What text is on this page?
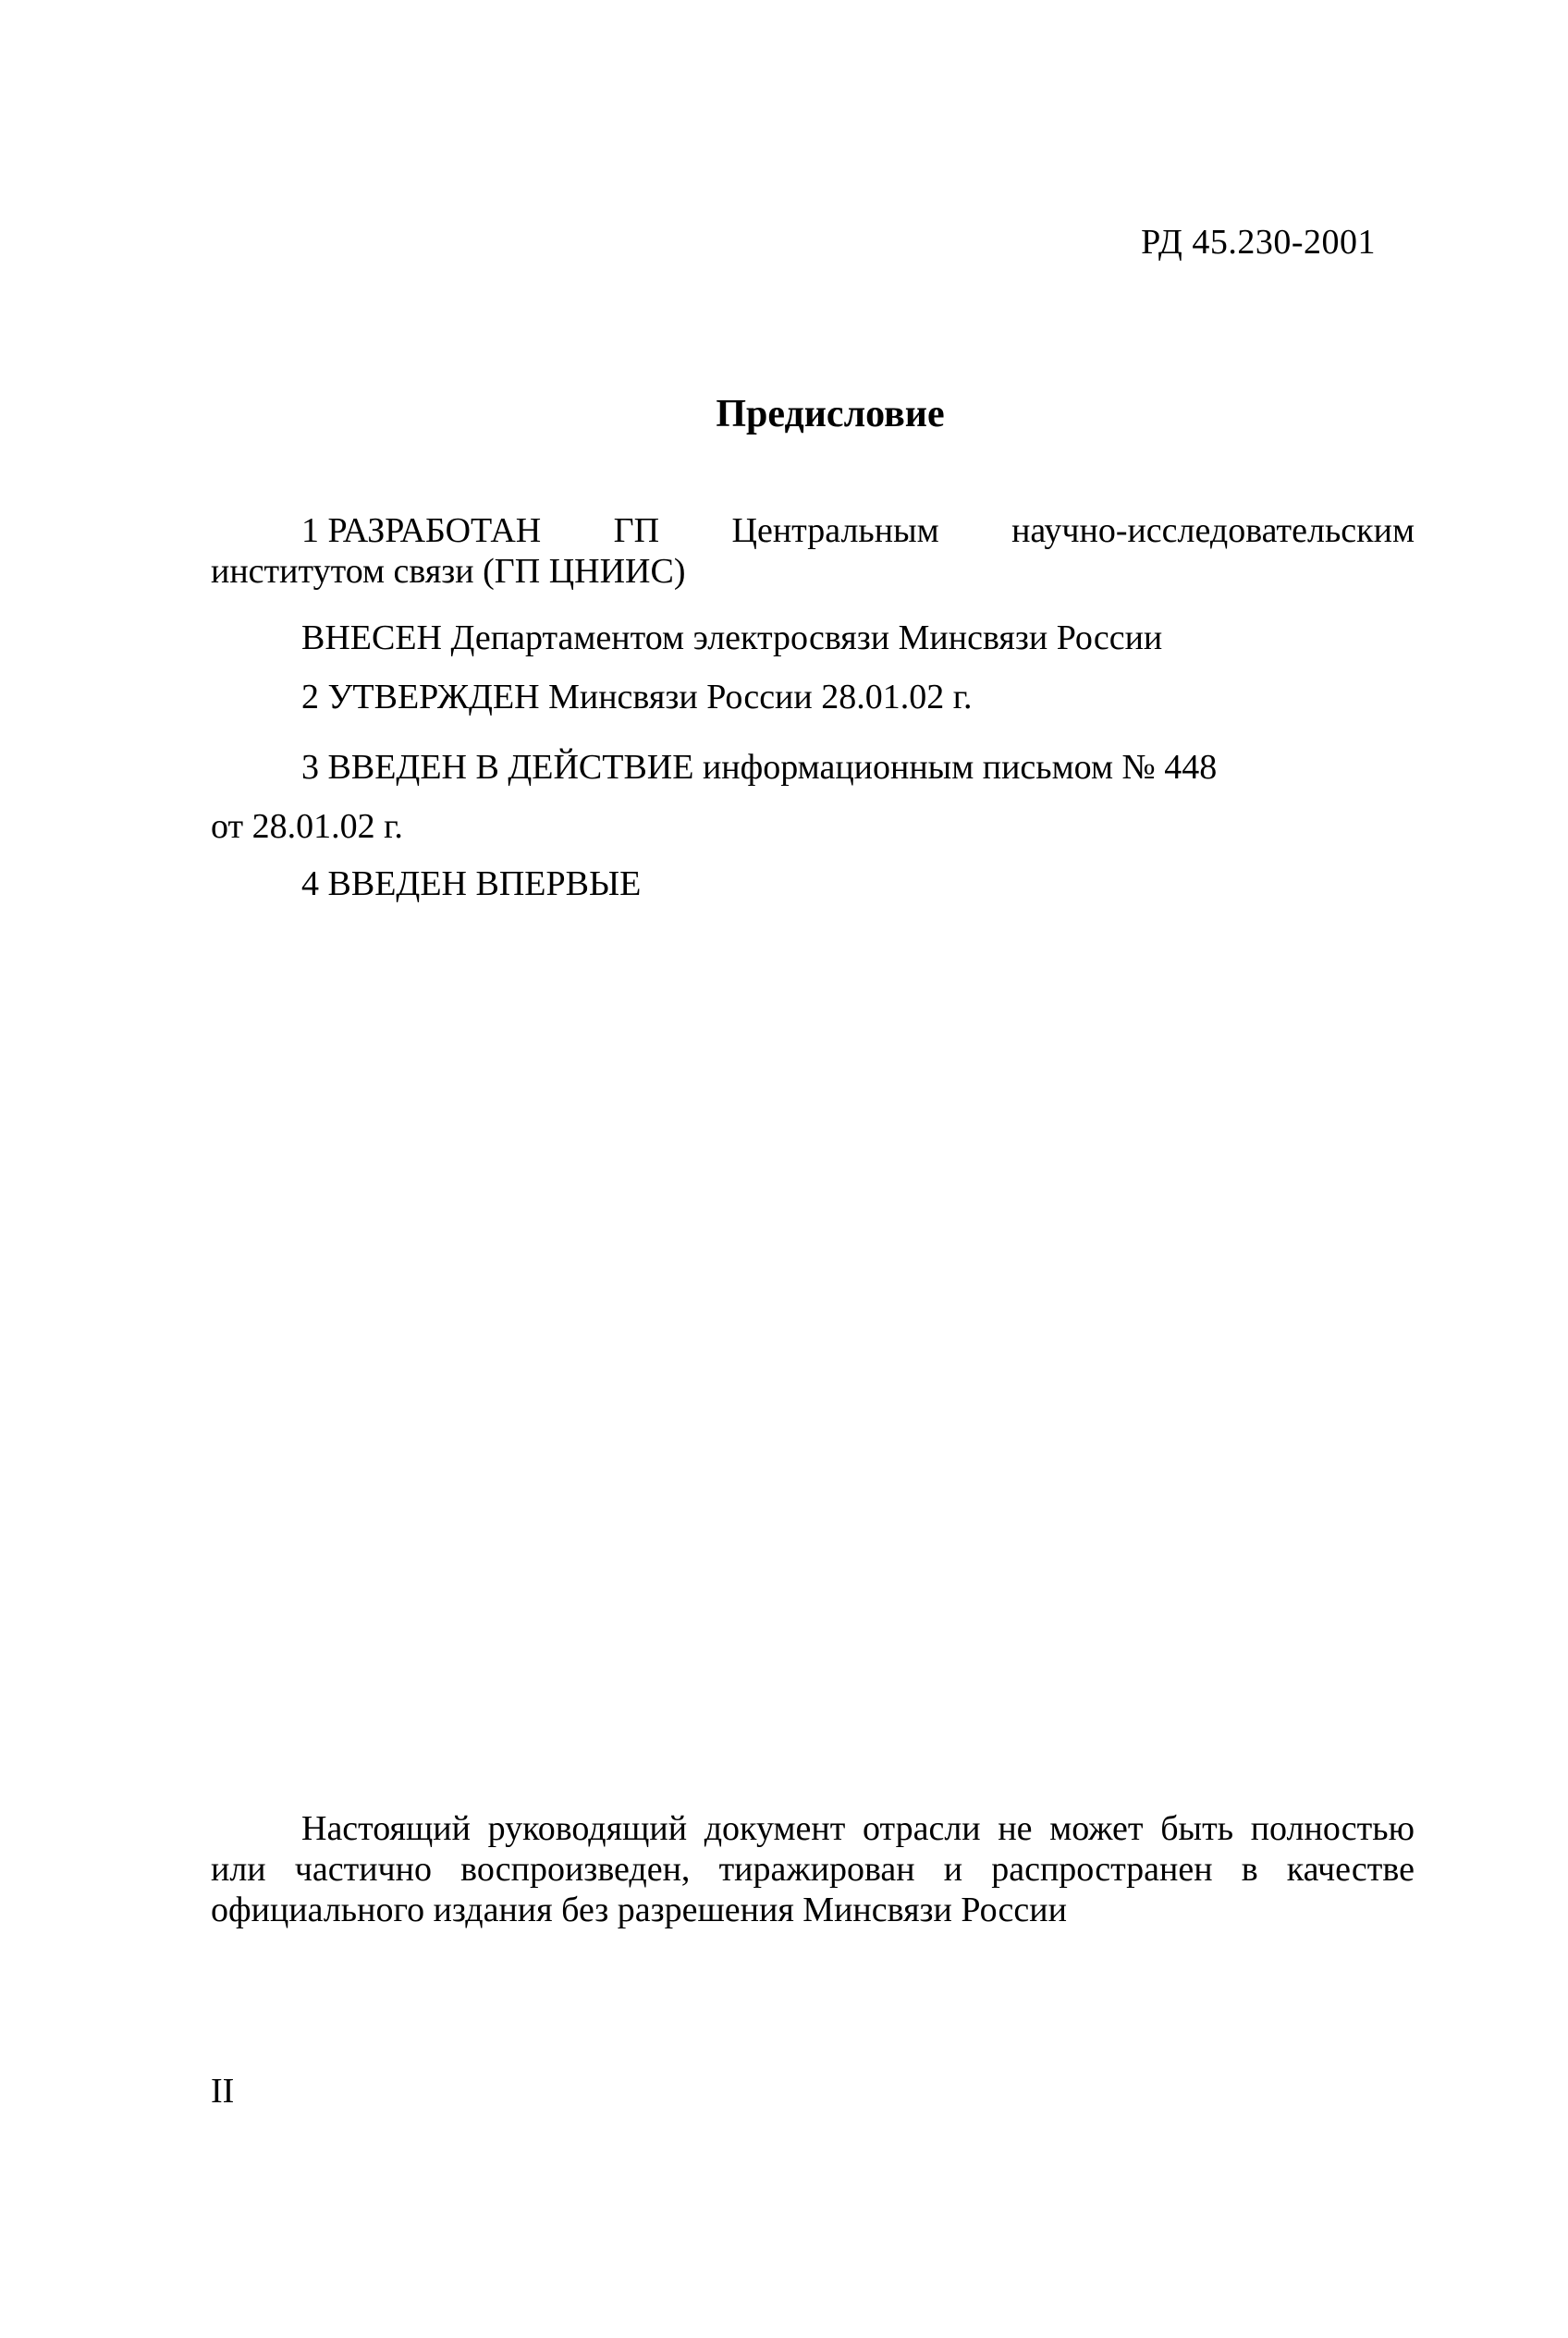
РД 45.230-2001
Предисловие
1 РАЗРАБОТАН ГП Центральным научно-исследовательским
институтом связи (ГП ЦНИИС)
ВНЕСЕН Департаментом электросвязи Минсвязи России
2 УТВЕРЖДЕН Минсвязи России 28.01.02 г.
3 ВВЕДЕН В ДЕЙСТВИЕ информационным письмом № 448
от 28.01.02 г.
4 ВВЕДЕН ВПЕРВЫЕ
Настоящий руководящий документ отрасли не может быть полностью или частично воспроизведен, тиражирован и распространен в качестве официального издания без разрешения Минсвязи России
II
